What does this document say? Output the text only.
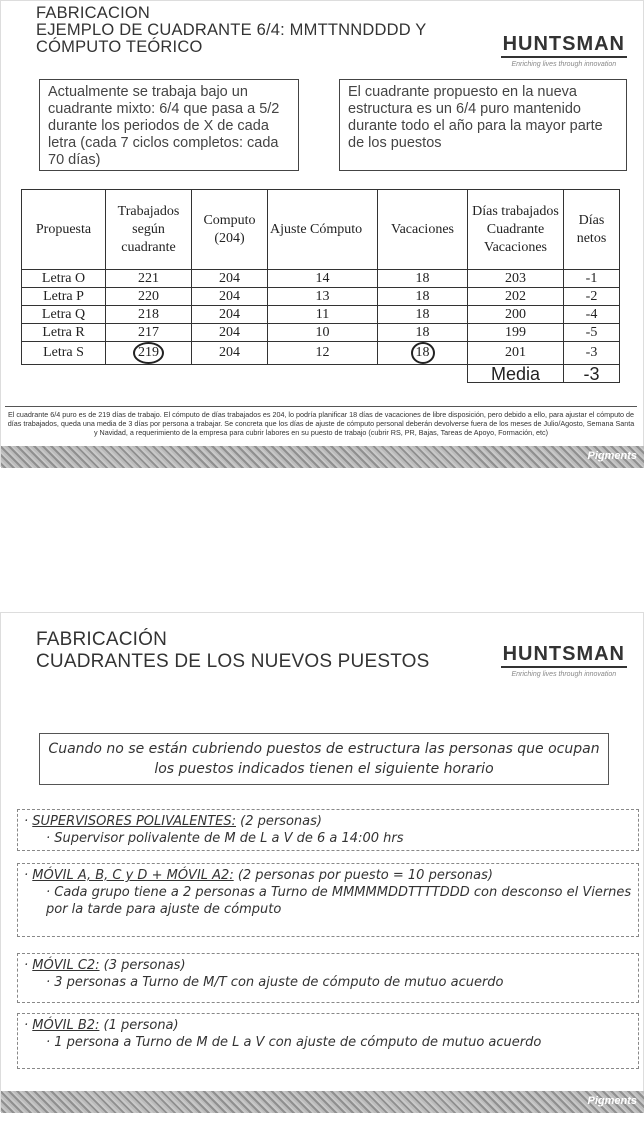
FABRICACION
EJEMPLO DE CUADRANTE 6/4: MMTTNNDDDD Y
CÓMPUTO TEÓRICO	HUNTSMAN
Enriching lives through innovation
Actualmente se trabaja bajo un cuadrante mixto: 6/4 que pasa a 5/2 durante los periodos de X de cada letra (cada 7 ciclos completos: cada 70 días)
El cuadrante propuesto en la nueva estructura es un 6/4 puro mantenido durante todo el año para la mayor parte de los puestos
Propuesta	Trabajados según cuadrante	Computo (204)	Ajuste Cómputo	Vacaciones	Días trabajados Cuadrante Vacaciones	Días netos
Letra O	221	204	14	18	203	-1
Letra P	220	204	13	18	202	-2
Letra Q	218	204	11	18	200	-4
Letra R	217	204	10	18	199	-5
Letra S	219	204	12	18	201	-3
					Media	-3
El cuadrante 6/4 puro es de 219 días de trabajo. El cómputo de días trabajados es 204, lo podría planificar 18 días de vacaciones de libre disposición, pero debido a ello, para ajustar el cómputo de días trabajados, queda una media de 3 días por persona a trabajar. Se concreta que los días de ajuste de cómputo personal deberán devolverse fuera de los meses de Julio/Agosto, Semana Santa y Navidad, a requerimiento de la empresa para cubrir labores en su puesto de trabajo (cubrir RS, PR, Bajas, Tareas de Apoyo, Formación, etc)
Pigments
FABRICACIÓN
CUADRANTES DE LOS NUEVOS PUESTOS	HUNTSMAN
Enriching lives through innovation
Cuando no se están cubriendo puestos de estructura las personas que ocupan los puestos indicados tienen el siguiente horario
· SUPERVISORES POLIVALENTES: (2 personas)
· Supervisor polivalente de M de L a V de 6 a 14:00 hrs
· MÓVIL A, B, C y D + MÓVIL A2: (2 personas por puesto = 10 personas)
· Cada grupo tiene a 2 personas a Turno de MMMMMDDTTTTDDD con desconso el Viernes por la tarde para ajuste de cómputo
· MÓVIL C2: (3 personas)
· 3 personas a Turno de M/T con ajuste de cómputo de mutuo acuerdo
· MÓVIL B2: (1 persona)
· 1 persona a Turno de M de L a V con ajuste de cómputo de mutuo acuerdo
Pigments
